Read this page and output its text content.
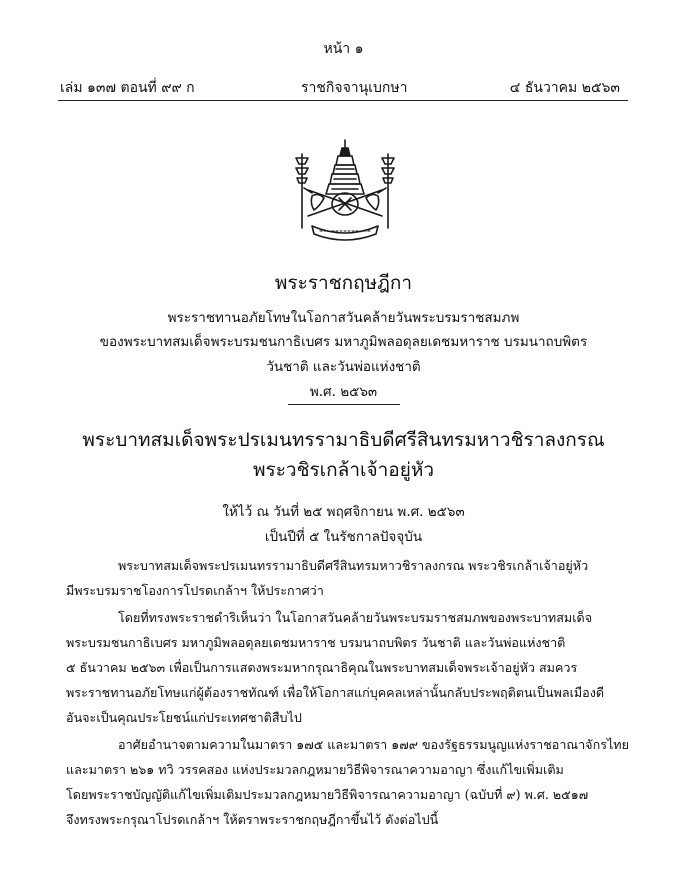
หน้า ๑
เล่ม ๑๓๗ ตอนที่ ๙๙ ก	ราชกิจจานุเบกษา	๔ ธันวาคม ๒๕๖๓
พระราชกฤษฎีกา
พระราชทานอภัยโทษในโอกาสวันคล้ายวันพระบรมราชสมภพ
ของพระบาทสมเด็จพระบรมชนกาธิเบศร มหาภูมิพลอดุลยเดชมหาราช บรมนาถบพิตร
วันชาติ และวันพ่อแห่งชาติ
พ.ศ. ๒๕๖๓
พระบาทสมเด็จพระปรเมนทรรามาธิบดีศรีสินทรมหาวชิราลงกรณ
พระวชิรเกล้าเจ้าอยู่หัว
ให้ไว้ ณ วันที่ ๒๕ พฤศจิกายน พ.ศ. ๒๕๖๓
เป็นปีที่ ๕ ในรัชกาลปัจจุบัน
พระบาทสมเด็จพระปรเมนทรรามาธิบดีศรีสินทรมหาวชิราลงกรณ พระวชิรเกล้าเจ้าอยู่หัว
มีพระบรมราชโองการโปรดเกล้าฯ ให้ประกาศว่า
โดยที่ทรงพระราชดำริเห็นว่า ในโอกาสวันคล้ายวันพระบรมราชสมภพของพระบาทสมเด็จ
พระบรมชนกาธิเบศร มหาภูมิพลอดุลยเดชมหาราช บรมนาถบพิตร วันชาติ และวันพ่อแห่งชาติ
๕ ธันวาคม ๒๕๖๓ เพื่อเป็นการแสดงพระมหากรุณาธิคุณในพระบาทสมเด็จพระเจ้าอยู่หัว สมควร
พระราชทานอภัยโทษแก่ผู้ต้องราชทัณฑ์ เพื่อให้โอกาสแก่บุคคลเหล่านั้นกลับประพฤติตนเป็นพลเมืองดี
อันจะเป็นคุณประโยชน์แก่ประเทศชาติสืบไป
อาศัยอำนาจตามความในมาตรา ๑๗๕ และมาตรา ๑๗๙ ของรัฐธรรมนูญแห่งราชอาณาจักรไทย
และมาตรา ๒๖๑ ทวิ วรรคสอง แห่งประมวลกฎหมายวิธีพิจารณาความอาญา ซึ่งแก้ไขเพิ่มเติม
โดยพระราชบัญญัติแก้ไขเพิ่มเติมประมวลกฎหมายวิธีพิจารณาความอาญา (ฉบับที่ ๙) พ.ศ. ๒๕๑๗
จึงทรงพระกรุณาโปรดเกล้าฯ ให้ตราพระราชกฤษฎีกาขึ้นไว้ ดังต่อไปนี้
